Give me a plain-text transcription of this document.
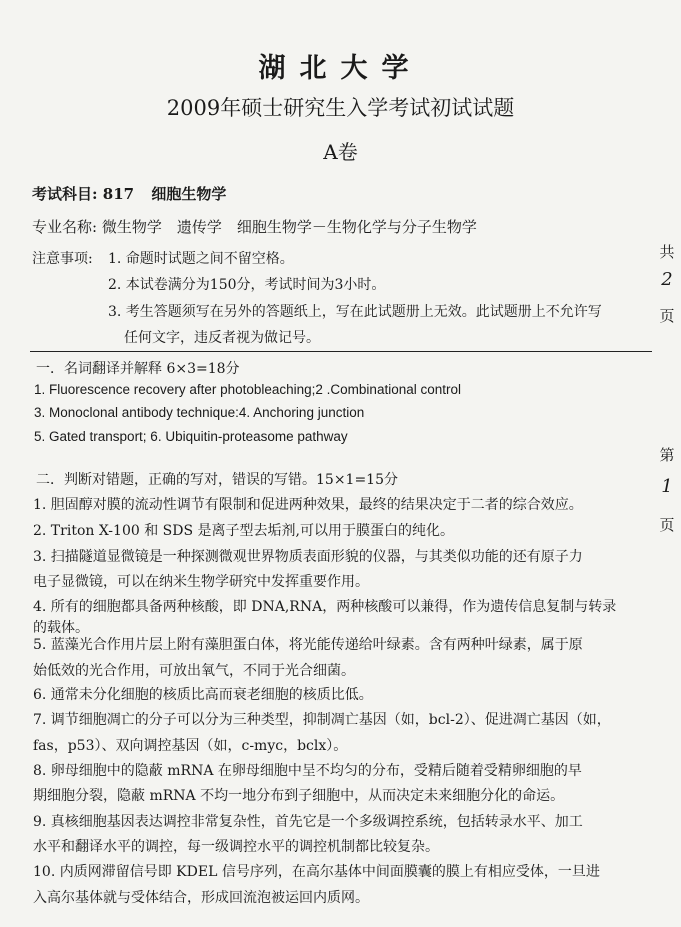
湖北大学
2009年硕士研究生入学考试初试试题
A卷
考试科目: 817 细胞生物学
专业名称: 微生物学　遗传学　细胞生物学－生物化学与分子生物学
注意事项: 1. 命题时试题之间不留空格。
2. 本试卷满分为150分，考试时间为3小时。
3. 考生答题须写在另外的答题纸上，写在此试题册上无效。此试题册上不允许写
任何文字，违反者视为做记号。
一．名词翻译并解释 6×3=18分
1. Fluorescence recovery after photobleaching;2 .Combinational control
3. Monoclonal antibody technique:4. Anchoring junction
5. Gated transport; 6. Ubiquitin-proteasome pathway
二．判断对错题，正确的写对，错误的写错。15×1=15分
1. 胆固醇对膜的流动性调节有限制和促进两种效果，最终的结果决定于二者的综合效应。
2. Triton X-100 和 SDS 是离子型去垢剂,可以用于膜蛋白的纯化。
3. 扫描隧道显微镜是一种探测微观世界物质表面形貌的仪器，与其类似功能的还有原子力
电子显微镜，可以在纳米生物学研究中发挥重要作用。
4. 所有的细胞都具备两种核酸，即 DNA,RNA，两种核酸可以兼得，作为遗传信息复制与转录
的载体。
5. 蓝藻光合作用片层上附有藻胆蛋白体，将光能传递给叶绿素。含有两种叶绿素，属于原
始低效的光合作用，可放出氧气，不同于光合细菌。
6. 通常未分化细胞的核质比高而衰老细胞的核质比低。
7. 调节细胞凋亡的分子可以分为三种类型，抑制凋亡基因（如，bcl-2）、促进凋亡基因（如，
fas，p53）、双向调控基因（如，c-myc，bclx）。
8. 卵母细胞中的隐蔽 mRNA 在卵母细胞中呈不均匀的分布，受精后随着受精卵细胞的早
期细胞分裂，隐蔽 mRNA 不均一地分布到子细胞中，从而决定未来细胞分化的命运。
9. 真核细胞基因表达调控非常复杂性，首先它是一个多级调控系统，包括转录水平、加工
水平和翻译水平的调控，每一级调控水平的调控机制都比较复杂。
10. 内质网滞留信号即 KDEL 信号序列，在高尔基体中间面膜囊的膜上有相应受体，一旦进
入高尔基体就与受体结合，形成回流泡被运回内质网。
共
2
页
第
1
页
